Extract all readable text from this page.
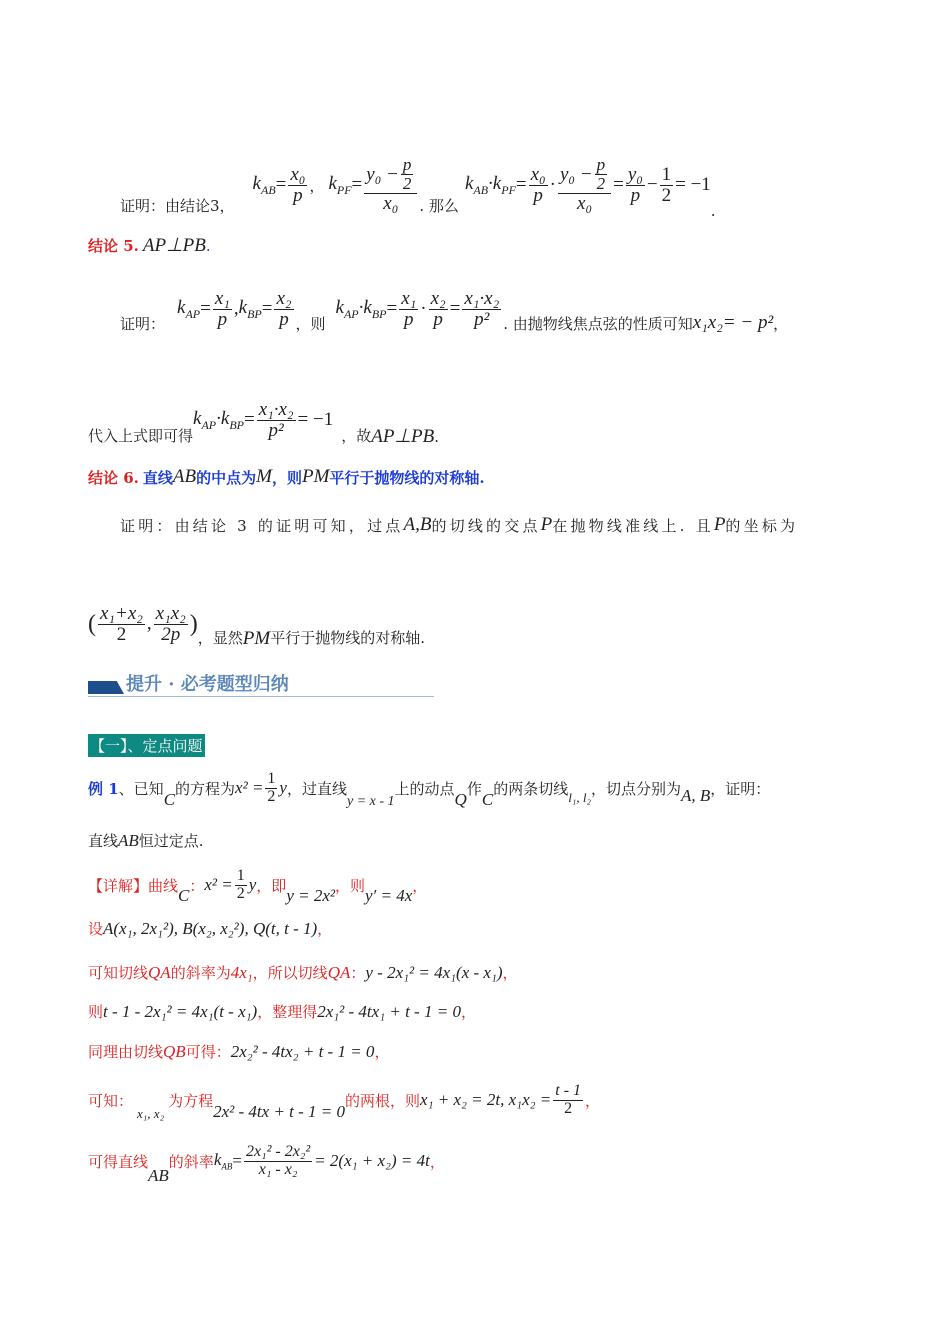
证明：由结论3，
$k_{AB} = \frac{\text{x₀}}{p}$ ， $k_{PF} = \frac{y_0 - \frac{p}{2}}{\text{x₀}}$ . 那么
$k_{AB}\cdot k_{PF} = \frac{\text{x₀}}{p} \cdot \frac{y_0 - \frac{p}{2}}{\text{x₀}} = \frac{\text{y₀}}{p} - \frac{1}{2} = -1$
.
结论 5. AP⊥PB .
证明：
$k_{AP} = \frac{\text{x₁}}{p}$ , $k_{BP} = \frac{\text{x₂}}{p}$ ，则
$k_{AP}\cdot k_{BP} = \frac{\text{x₁}}{p} \cdot \frac{\text{x₂}}{p} = \frac{\text{x₁·x₂}}{\text{p²}}$ . 由抛物线焦点弦的性质可知 x₁x₂= − p² ，
代入上式即可得
$k_{AP}\cdot k_{BP} = \frac{\text{x₁·x₂}}{\text{p²}} = -1$
，故 AP⊥PB .
结论 6. 直线 AB 的中点为 M ，则 PM 平行于抛物线的对称轴.
证明：由结论 3 的证明可知，过点 A,B 的切线的交点 P 在抛物线准线上. 且 P 的坐标为
( $\frac{\text{x₁+x₂}}{2}$ , $\frac{\text{x₁x₂}}{2p}$ )
，显然 PM 平行于抛物线的对称轴.
提升 · 必考题型归纳
【一】、定点问题
例 1 、已知
C
的方程为 $x^2 = \frac{1}{2}$ y ，过直线
y = x - 1
上的动点
Q
作
C
的两条切线 l₁, l₂ ，切点分别为 A, B ，证明：
直线 AB 恒过定点.
【详解】曲线
C
： $x^2 = \frac{1}{2}$ y ，即
y = 2x²
，则
y′ = 4x
，
设 A(x₁, 2x₁²), B(x₂, x₂²), Q(t, t - 1) ，
可知切线 QA 的斜率为 4x₁ ，所以切线 QA ： y - 2x₁² = 4x₁(x - x₁) ，
则 t - 1 - 2x₁² = 4x₁(t - x₁) ，整理得 2x₁² - 4tx₁ + t - 1 = 0 ，
同理由切线 QB 可得： 2x₂² - 4tx₂ + t - 1 = 0 ，
可知：
x₁, x₂
为方程
2x² - 4tx + t - 1 = 0
的两根，则 x₁ + x₂ = 2t, $x_1x_2 = \frac{t - 1}{2}$ ，
可得直线
AB
的斜率 $k_{AB} = \frac{\text{2x₁² - 2x₂²}}{\text{x₁ - x₂}} = 2(x_1 + x_2) = 4t$ ，
